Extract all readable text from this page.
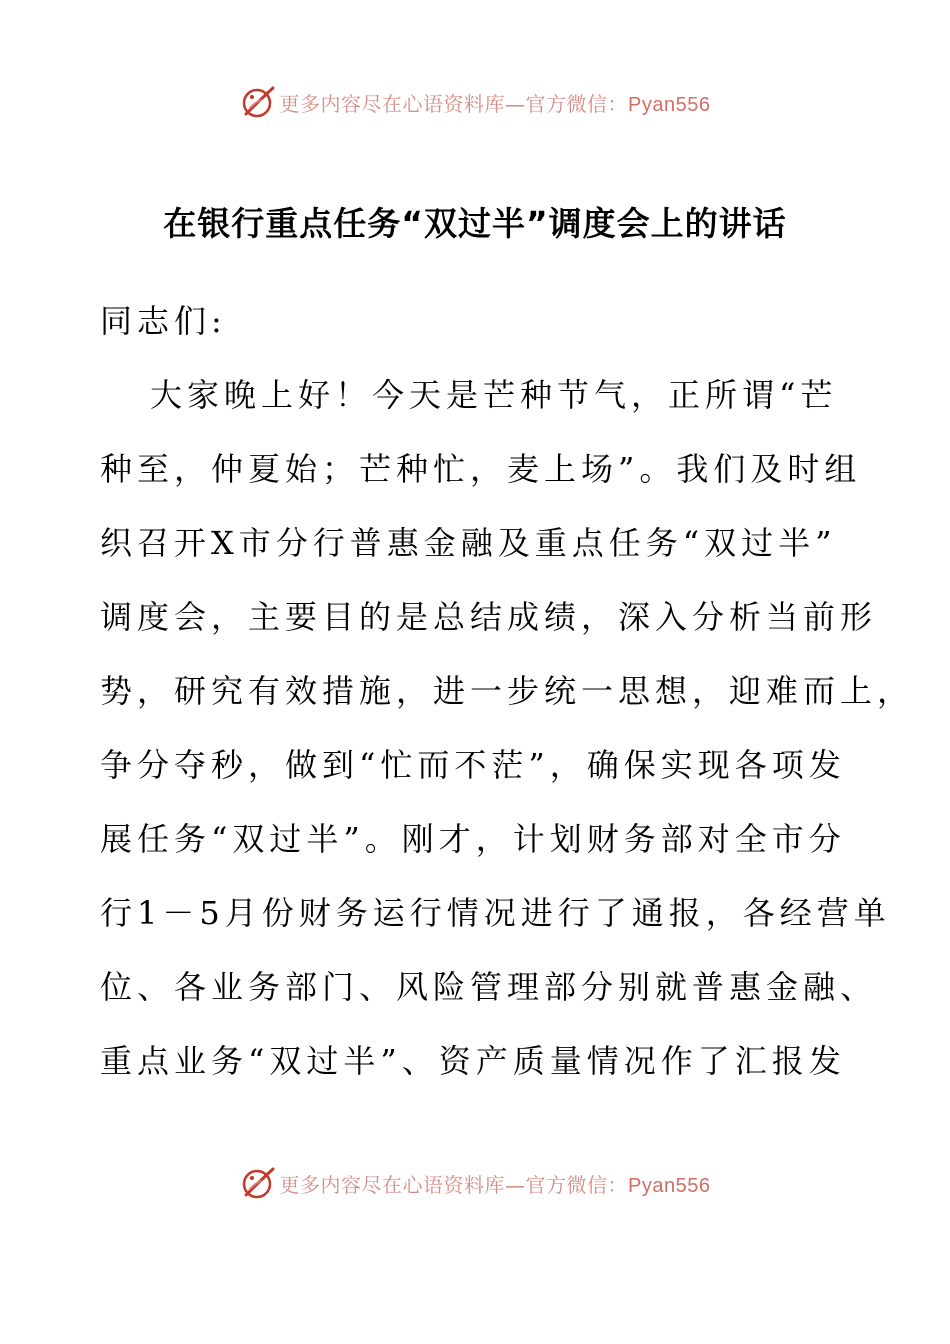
更多内容尽在心语资料库—官方微信：Pyan556
在银行重点任务“双过半”调度会上的讲话
同志们:
大家晚上好！今天是芒种节气，正所谓“芒
种至，仲夏始；芒种忙，麦上场”。我们及时组
织召开X市分行普惠金融及重点任务“双过半”
调度会，主要目的是总结成绩，深入分析当前形
势，研究有效措施，进一步统一思想，迎难而上，
争分夺秒，做到“忙而不茫”，确保实现各项发
展任务“双过半”。刚才，计划财务部对全市分
行1－5月份财务运行情况进行了通报，各经营单
位、各业务部门、风险管理部分别就普惠金融、
重点业务“双过半”、资产质量情况作了汇报发
更多内容尽在心语资料库—官方微信：Pyan556
